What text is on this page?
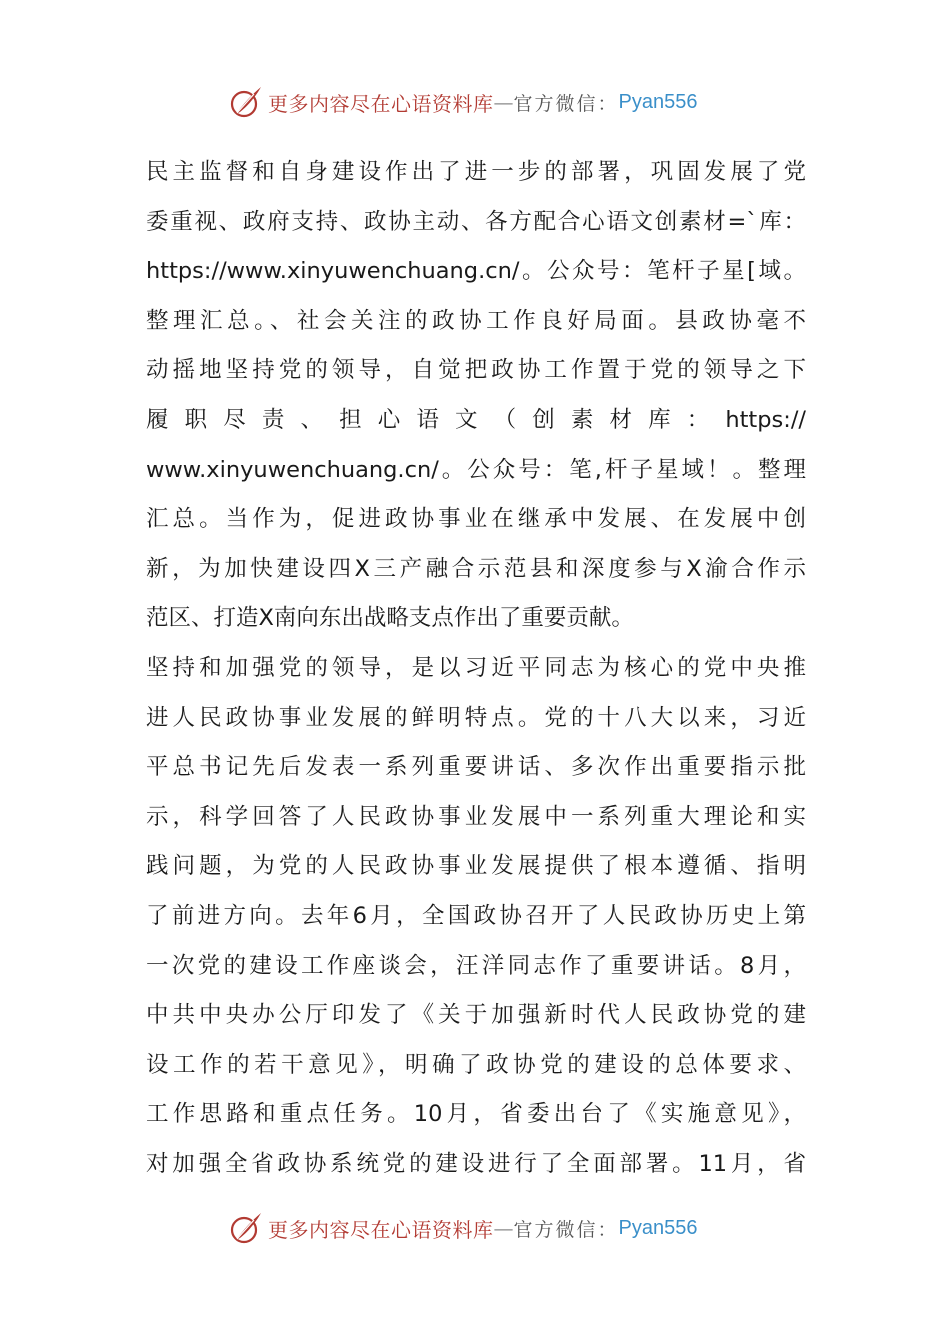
更多内容尽在心语资料库 — 官方微信： Pyan556
民主监督和自身建设作出了进一步的部署，巩固发展了党
委重视、政府支持、政协主动、各方配合心语文创素材=`库：
https://www.xinyuwenchuang.cn/。公众号：笔杆子星[域。
整理汇总。、社会关注的政协工作良好局面。县政协毫不
动摇地坚持党的领导，自觉把政协工作置于党的领导之下
履职尽责、担心语文（创素材库：https://
www.xinyuwenchuang.cn/。公众号：笔,杆子星域！。整理
汇总。当作为，促进政协事业在继承中发展、在发展中创
新，为加快建设四X三产融合示范县和深度参与X渝合作示
范区、打造X南向东出战略支点作出了重要贡献。
坚持和加强党的领导，是以习近平同志为核心的党中央推
进人民政协事业发展的鲜明特点。党的十八大以来，习近
平总书记先后发表一系列重要讲话、多次作出重要指示批
示，科学回答了人民政协事业发展中一系列重大理论和实
践问题，为党的人民政协事业发展提供了根本遵循、指明
了前进方向。去年6月，全国政协召开了人民政协历史上第
一次党的建设工作座谈会，汪洋同志作了重要讲话。8月，
中共中央办公厅印发了《关于加强新时代人民政协党的建
设工作的若干意见》，明确了政协党的建设的总体要求、
工作思路和重点任务。10月，省委出台了《实施意见》，
对加强全省政协系统党的建设进行了全面部署。11月，省
更多内容尽在心语资料库 — 官方微信： Pyan556
